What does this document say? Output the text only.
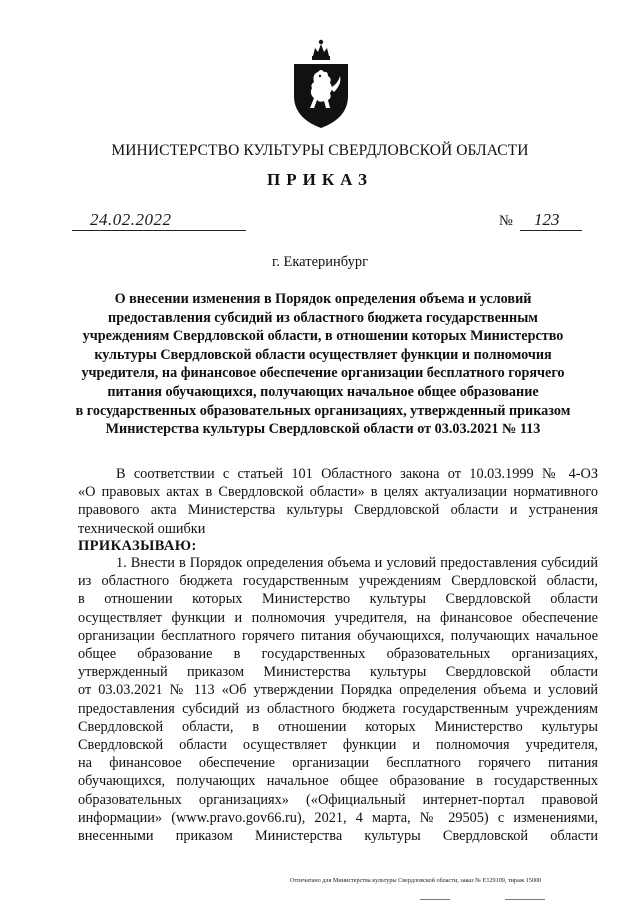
МИНИСТЕРСТВО КУЛЬТУРЫ СВЕРДЛОВСКОЙ ОБЛАСТИ
ПРИКАЗ
24.02.2022	№ 123
г. Екатеринбург
О внесении изменения в Порядок определения объема и условий
предоставления субсидий из областного бюджета государственным
учреждениям Свердловской области, в отношении которых Министерство
культуры Свердловской области осуществляет функции и полномочия
учредителя, на финансовое обеспечение организации бесплатного горячего
питания обучающихся, получающих начальное общее образование
в государственных образовательных организациях, утвержденный приказом
Министерства культуры Свердловской области от 03.03.2021 № 113
В соответствии с статьей 101 Областного закона от 10.03.1999 № 4-ОЗ
«О правовых актах в Свердловской области» в целях актуализации нормативного
правового акта Министерства культуры Свердловской области и устранения
технической ошибки
ПРИКАЗЫВАЮ:
1. Внести в Порядок определения объема и условий предоставления субсидий
из областного бюджета государственным учреждениям Свердловской области,
в отношении которых Министерство культуры Свердловской области
осуществляет функции и полномочия учредителя, на финансовое обеспечение
организации бесплатного горячего питания обучающихся, получающих начальное
общее образование в государственных образовательных организациях,
утвержденный приказом Министерства культуры Свердловской области
от 03.03.2021 № 113 «Об утверждении Порядка определения объема и условий
предоставления субсидий из областного бюджета государственным учреждениям
Свердловской области, в отношении которых Министерство культуры
Свердловской области осуществляет функции и полномочия учредителя,
на финансовое обеспечение организации бесплатного горячего питания
обучающихся, получающих начальное общее образование в государственных
образовательных организациях» («Официальный интернет-портал правовой
информации» (www.pravo.gov66.ru), 2021, 4 марта, № 29505) с изменениями,
внесенными приказом Министерства культуры Свердловской области
Отпечатано для Министерства культуры Свердловской области, заказ № Е129109, тираж 15000
